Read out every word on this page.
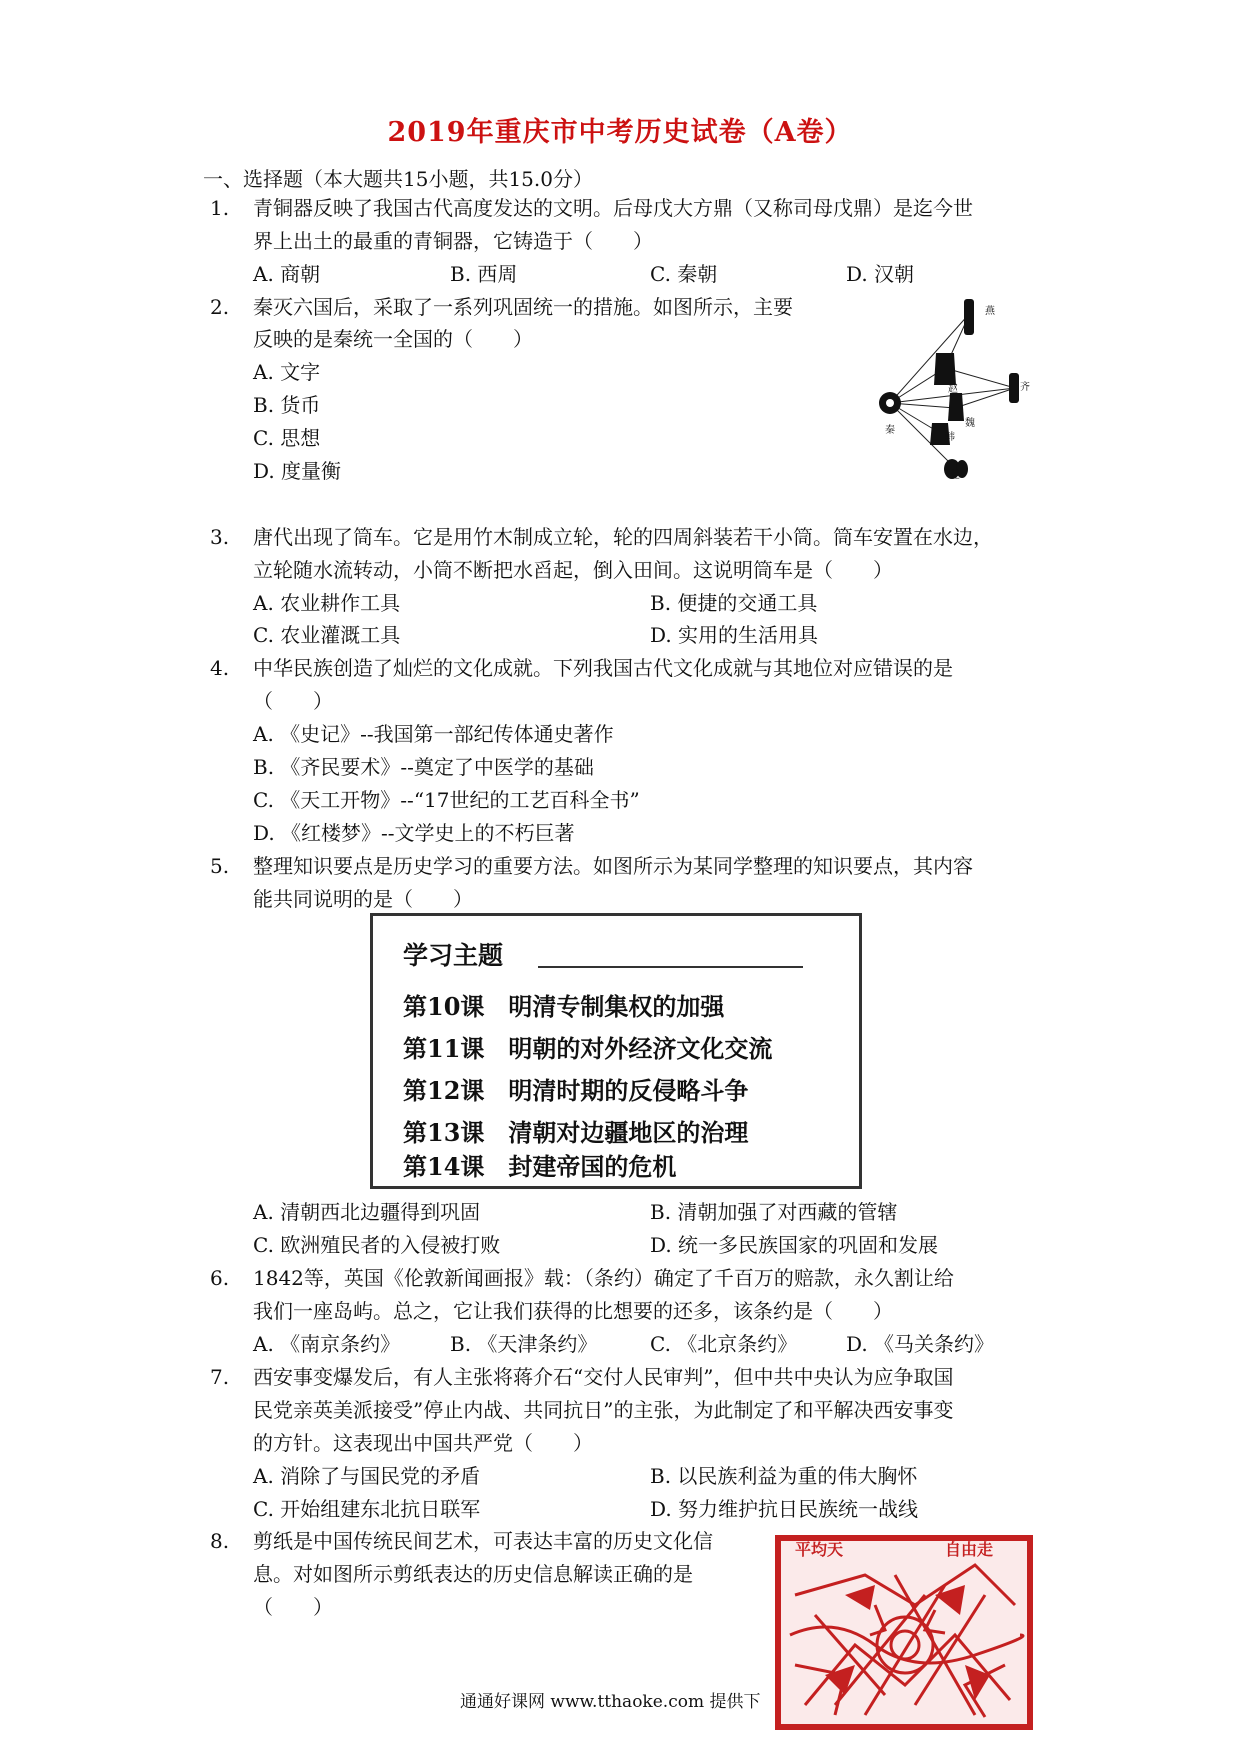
2019年重庆市中考历史试卷（A卷）
一、选择题（本大题共15小题，共15.0分）
1. 青铜器反映了我国古代高度发达的文明。后母戊大方鼎（又称司母戊鼎）是迄今世
界上出土的最重的青铜器，它铸造于（　　）
A. 商朝	B. 西周	C. 秦朝	D. 汉朝
2. 秦灭六国后，采取了一系列巩固统一的措施。如图所示，主要
反映的是秦统一全国的（　　）
A. 文字
B. 货币
C. 思想
D. 度量衡
燕
齐
秦
赵
魏
韩
楚
3. 唐代出现了筒车。它是用竹木制成立轮，轮的四周斜装若干小筒。筒车安置在水边，
立轮随水流转动，小筒不断把水舀起，倒入田间。这说明筒车是（　　）
A. 农业耕作工具	B. 便捷的交通工具
C. 农业灌溉工具	D. 实用的生活用具
4. 中华民族创造了灿烂的文化成就。下列我国古代文化成就与其地位对应错误的是
（　　）
A. 《史记》--我国第一部纪传体通史著作
B. 《齐民要术》--奠定了中医学的基础
C. 《天工开物》--“17世纪的工艺百科全书”
D. 《红楼梦》--文学史上的不朽巨著
5. 整理知识要点是历史学习的重要方法。如图所示为某同学整理的知识要点，其内容
能共同说明的是（　　）
学习主题
第10课　明清专制集权的加强
第11课　明朝的对外经济文化交流
第12课　明清时期的反侵略斗争
第13课　清朝对边疆地区的治理
第14课　封建帝国的危机
A. 清朝西北边疆得到巩固	B. 清朝加强了对西藏的管辖
C. 欧洲殖民者的入侵被打败	D. 统一多民族国家的巩固和发展
6. 1842等，英国《伦敦新闻画报》载：（条约）确定了千百万的赔款，永久割让给
我们一座岛屿。总之，它让我们获得的比想要的还多，该条约是（　　）
A. 《南京条约》 B. 《天津条约》	C. 《北京条约》 D. 《马关条约》
7. 西安事变爆发后，有人主张将蒋介石“交付人民审判”，但中共中央认为应争取国
民党亲英美派接受”停止内战、共同抗日”的主张，为此制定了和平解决西安事变
的方针。这表现出中国共严党（　　）
A. 消除了与国民党的矛盾	B. 以民族利益为重的伟大胸怀
C. 开始组建东北抗日联军	D. 努力维护抗日民族统一战线
8. 剪纸是中国传统民间艺术，可表达丰富的历史文化信
息。对如图所示剪纸表达的历史信息解读正确的是
（　　）
平均天	自由走
通通好课网 www.tthaoke.com 提供下
